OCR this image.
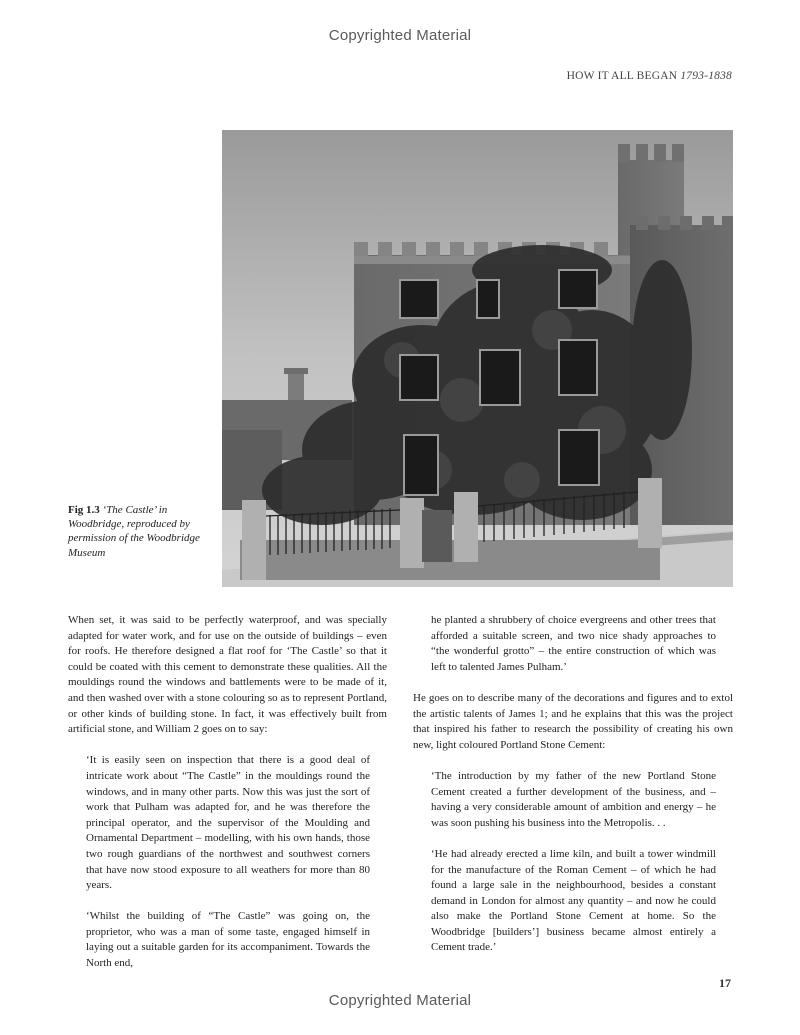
Copyrighted Material
HOW IT ALL BEGAN 1793-1838
Fig 1.3 ‘The Castle’ in Woodbridge, reproduced by permission of the Woodbridge Museum

When set, it was said to be perfectly waterproof, and was specially adapted for water work, and for use on the outside of buildings – even for roofs. He therefore designed a flat roof for ‘The Castle’ so that it could be coated with this cement to demonstrate these qualities. All the mouldings round the windows and battlements were to be made of it, and then washed over with a stone colouring so as to represent Portland, or other kinds of building stone. In fact, it was effectively built from artificial stone, and William 2 goes on to say:

‘It is easily seen on inspection that there is a good deal of intricate work about “The Castle” in the mouldings round the windows, and in many other parts. Now this was just the sort of work that Pulham was adapted for, and he was therefore the principal operator, and the supervisor of the Moulding and Ornamental Department – modelling, with his own hands, those two rough guardians of the northwest and southwest corners that have now stood exposure to all weathers for more than 80 years.

‘Whilst the building of “The Castle” was going on, the proprietor, who was a man of some taste, engaged himself in laying out a suitable garden for its accompaniment. Towards the North end,

he planted a shrubbery of choice evergreens and other trees that afforded a suitable screen, and two nice shady approaches to “the wonderful grotto” – the entire construction of which was left to talented James Pulham.’

He goes on to describe many of the decorations and figures and to extol the artistic talents of James 1; and he explains that this was the project that inspired his father to research the possibility of creating his own new, light coloured Portland Stone Cement:

‘The introduction by my father of the new Portland Stone Cement created a further development of the business, and – having a very considerable amount of ambition and energy – he was soon pushing his business into the Metropolis. . .

‘He had already erected a lime kiln, and built a tower windmill for the manufacture of the Roman Cement – of which he had found a large sale in the neighbourhood, besides a constant demand in London for almost any quantity – and now he could also make the Portland Stone Cement at home. So the Woodbridge [builders’] business became almost entirely a Cement trade.’

17
Copyrighted Material
